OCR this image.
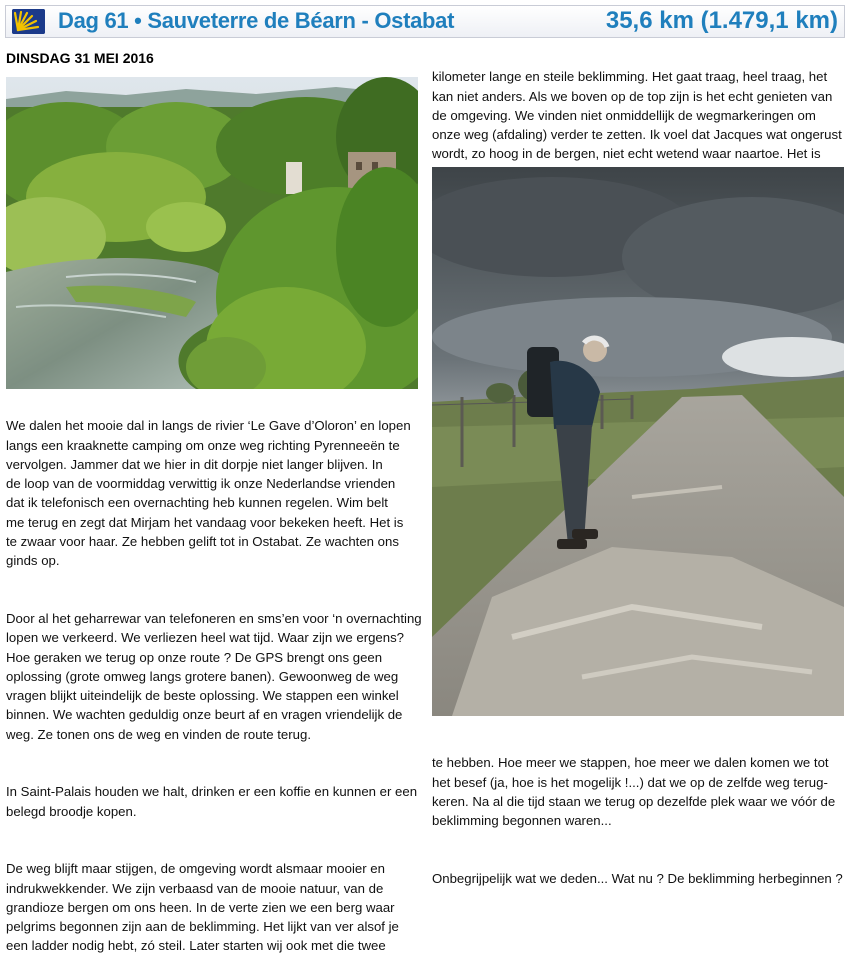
Dag 61 • Sauveterre de Béarn - Ostabat	35,6 km (1.479,1 km)
DINSDAG 31 MEI 2016

We dalen het mooie dal in langs de rivier ‘Le Gave d’Oloron’ en lopen
langs een kraaknette camping om onze weg richting Pyrenneeën te
vervolgen. Jammer dat we hier in dit dorpje niet langer blijven. In
de loop van de voormiddag verwittig ik onze Nederlandse vrienden
dat ik telefonisch een overnachting heb kunnen regelen. Wim belt
me terug en zegt dat Mirjam het vandaag voor bekeken heeft. Het is
te zwaar voor haar. Ze hebben gelift tot in Ostabat. Ze wachten ons
ginds op.

Door al het geharrewar van telefoneren en sms’en voor ‘n overnachting
lopen we verkeerd. We verliezen heel wat tijd. Waar zijn we ergens?
Hoe geraken we terug op onze route ? De GPS brengt ons geen
oplossing (grote omweg langs grotere banen). Gewoonweg de weg
vragen blijkt uiteindelijk de beste oplossing. We stappen een winkel
binnen. We wachten geduldig onze beurt af en vragen vriendelijk de
weg. Ze tonen ons de weg en vinden de route terug.

In Saint-Palais houden we halt, drinken er een koffie en kunnen er een
belegd broodje kopen.

De weg blijft maar stijgen, de omgeving wordt alsmaar mooier en
indrukwekkender. We zijn verbaasd van de mooie natuur, van de
grandioze bergen om ons heen. In de verte zien we een berg waar
pelgrims begonnen zijn aan de beklimming. Het lijkt van ver alsof je
een ladder nodig hebt, zó steil. Later starten wij ook met die twee

kilometer lange en steile beklimming. Het gaat traag, heel traag, het
kan niet anders. Als we boven op de top zijn is het echt genieten van
de omgeving. We vinden niet onmiddellijk de wegmarkeringen om
onze weg (afdaling) verder te zetten. Ik voel dat Jacques wat ongerust
wordt, zo hoog in de bergen, niet echt wetend waar naartoe. Het is

te hebben. Hoe meer we stappen, hoe meer we dalen komen we tot
het besef (ja, hoe is het mogelijk !...) dat we op de zelfde weg terug-
keren. Na al die tijd staan we terug op dezelfde plek waar we vóór de
beklimming begonnen waren...

Onbegrijpelijk wat we deden... Wat nu ? De beklimming herbeginnen ?
